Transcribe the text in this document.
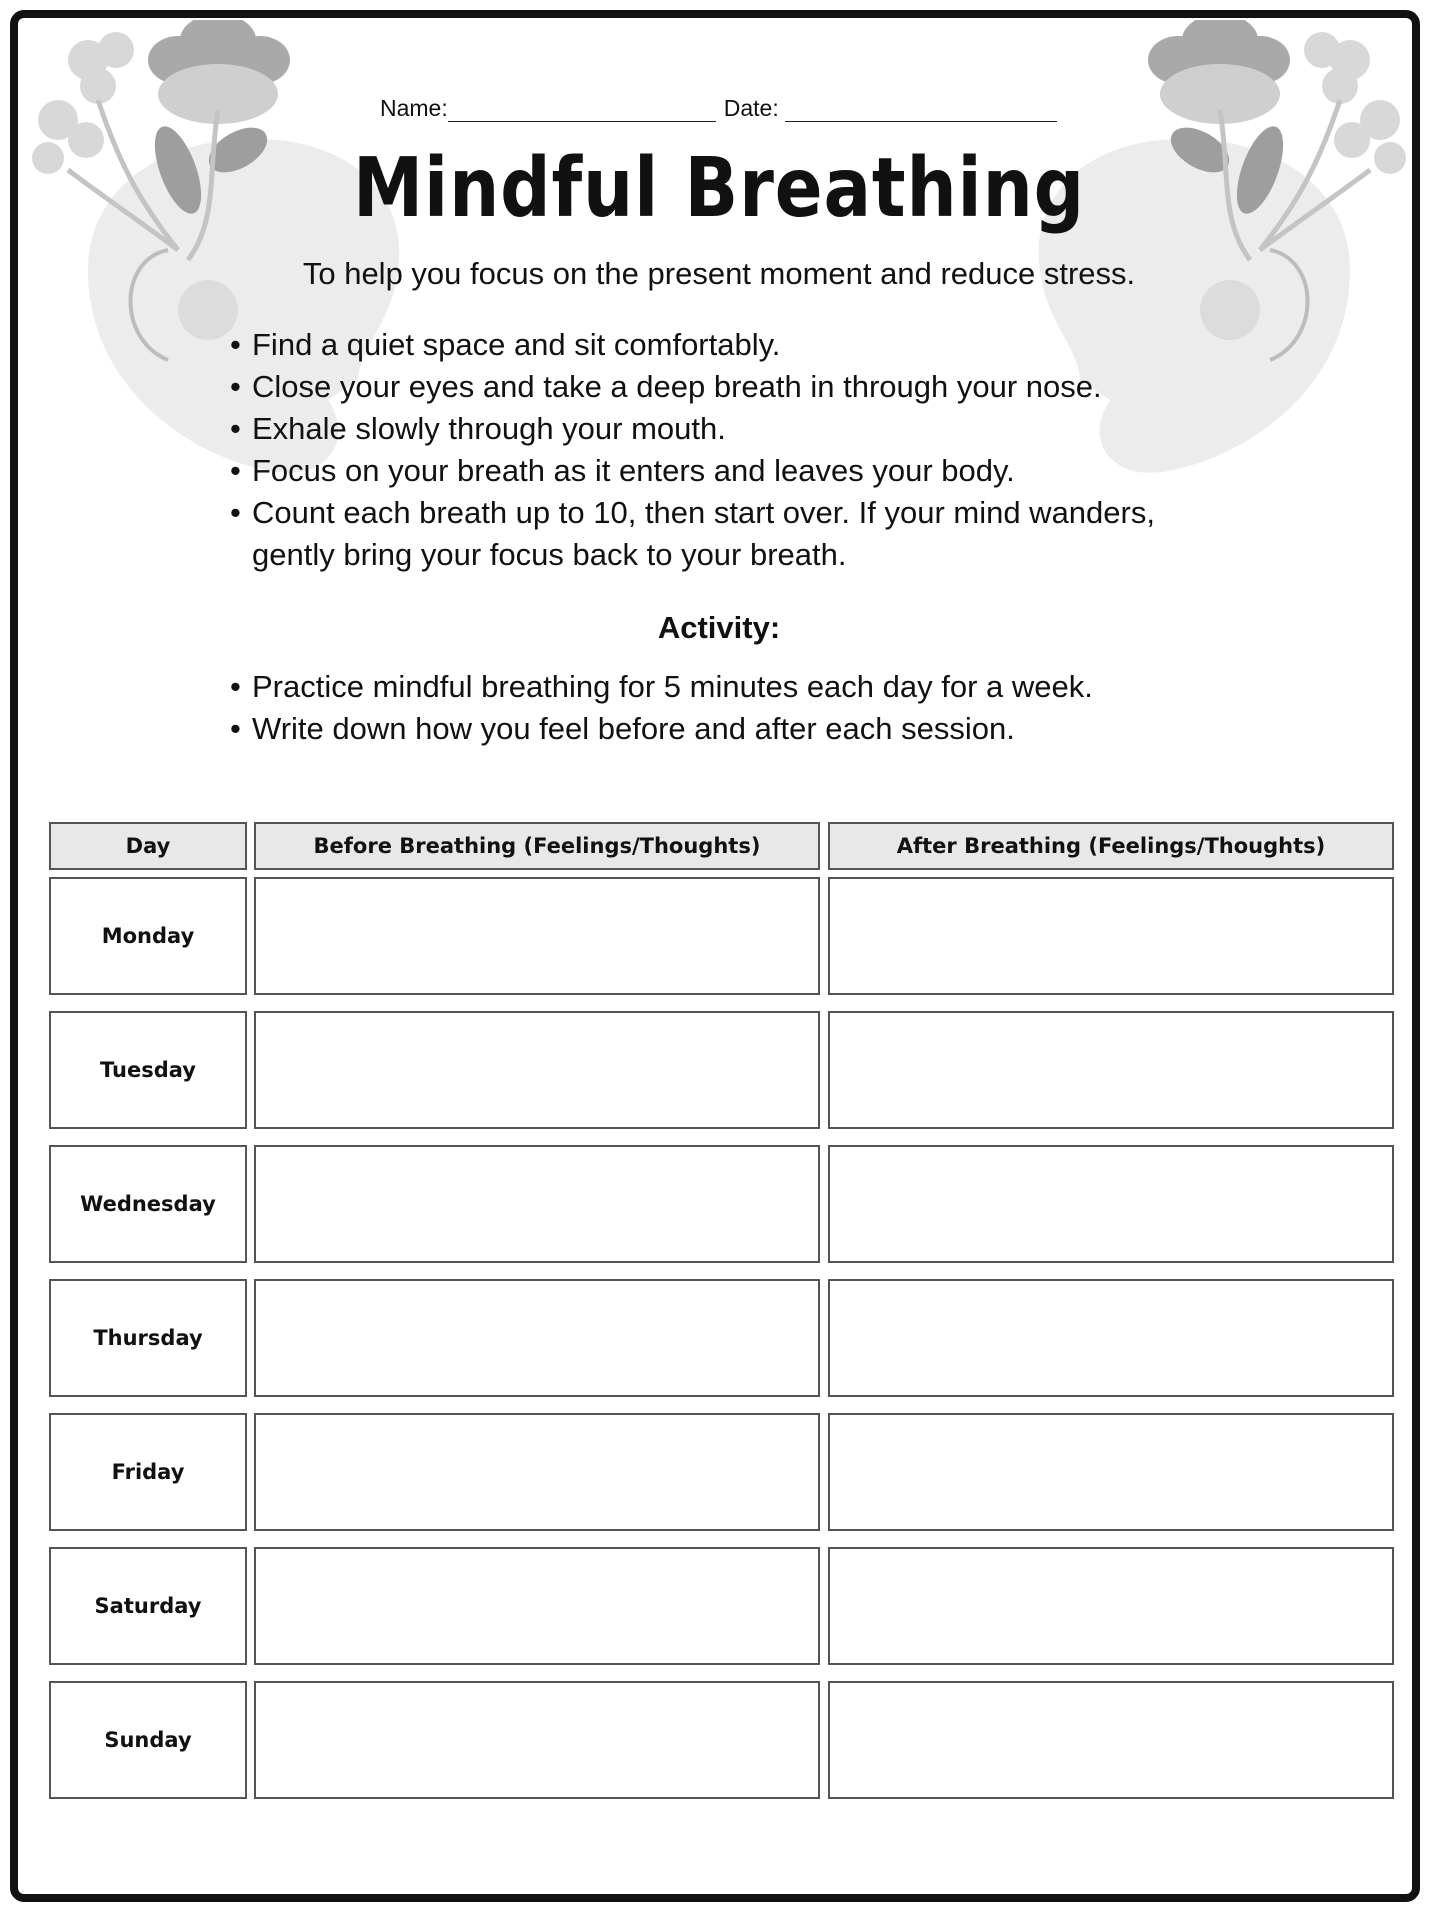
Name:	Date:
Mindful Breathing
To help you focus on the present moment and reduce stress.
• Find a quiet space and sit comfortably.
• Close your eyes and take a deep breath in through your nose.
• Exhale slowly through your mouth.
• Focus on your breath as it enters and leaves your body.
• Count each breath up to 10, then start over. If your mind wanders, gently bring your focus back to your breath.
Activity:
• Practice mindful breathing for 5 minutes each day for a week.
• Write down how you feel before and after each session.
Day	Before Breathing (Feelings/Thoughts)	After Breathing (Feelings/Thoughts)
Monday
Tuesday
Wednesday
Thursday
Friday
Saturday
Sunday
